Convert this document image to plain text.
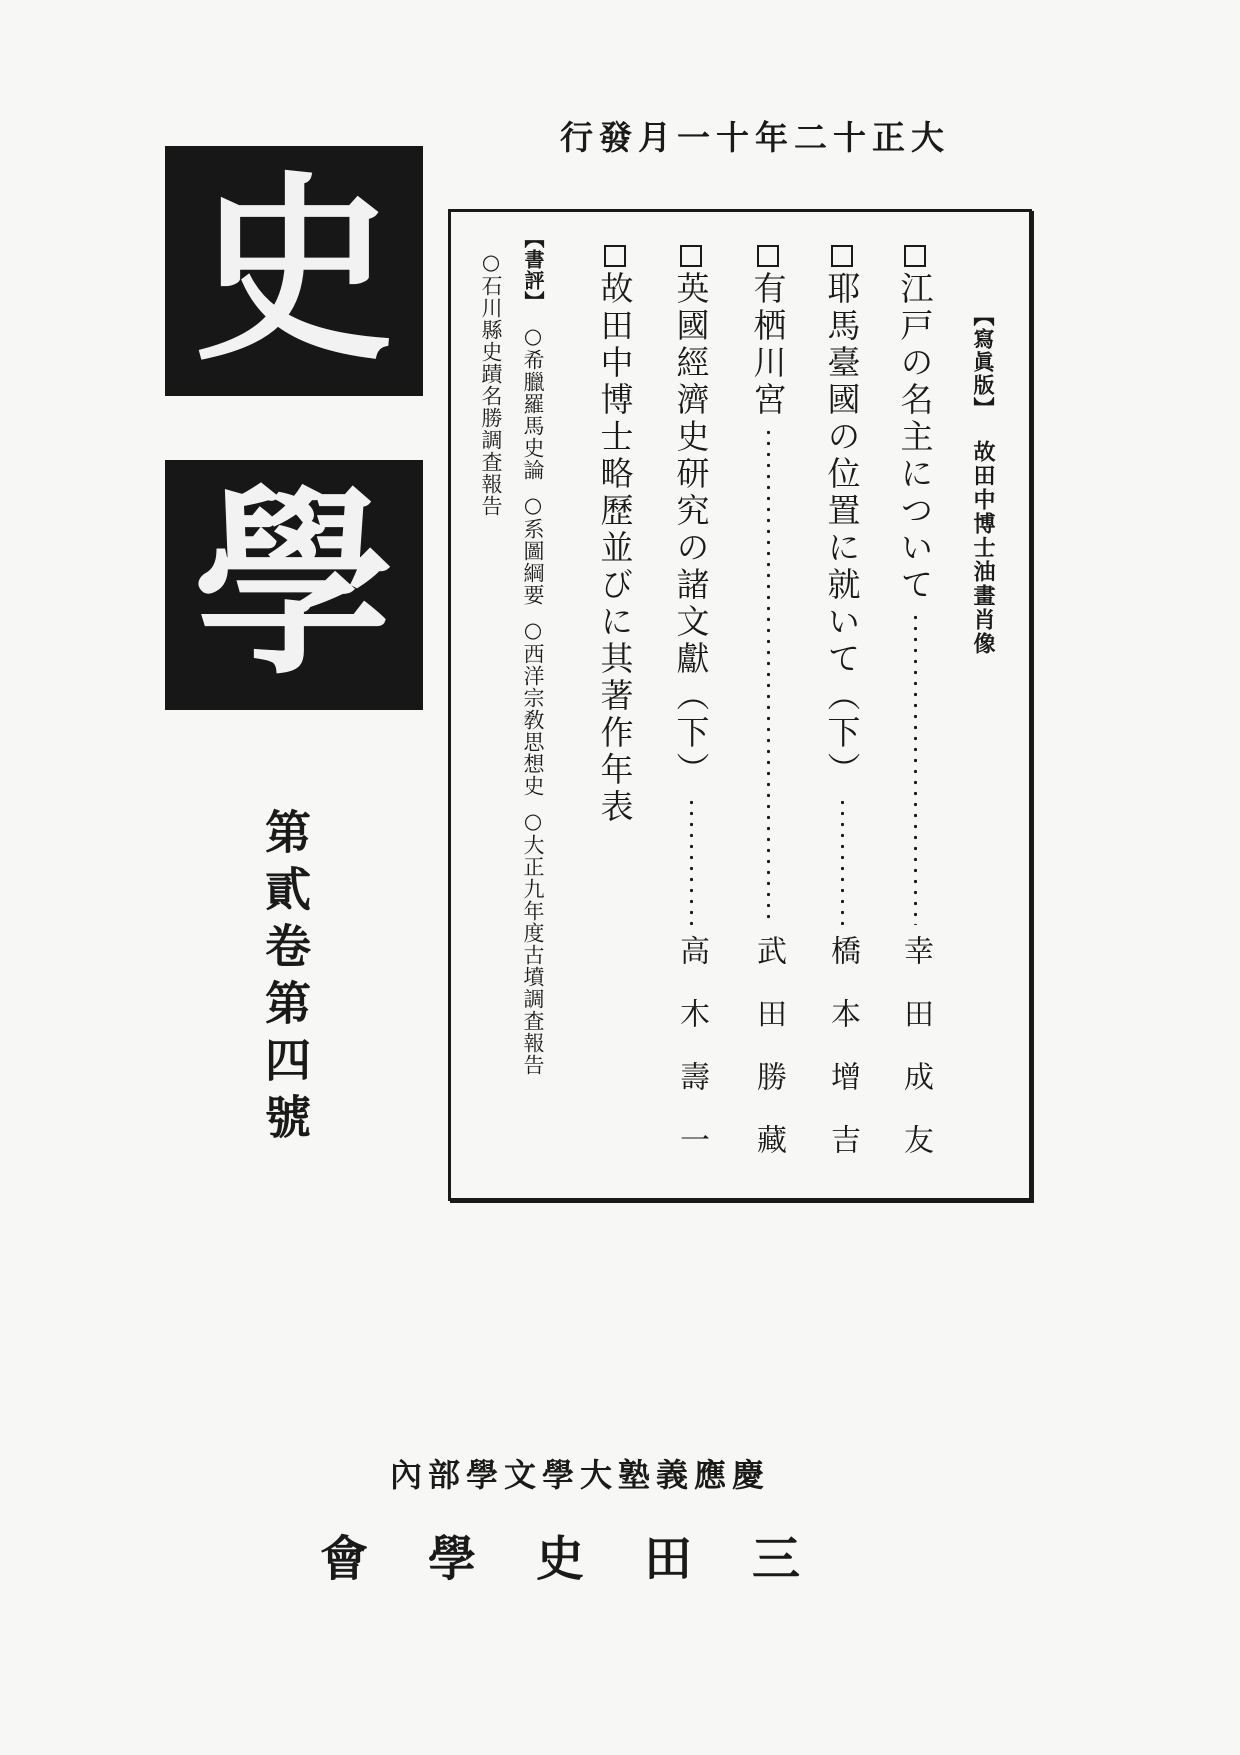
大正十二年十一月發行
史
學
第貳卷第四號
【寫眞版】故田中博士油畫肖像
江戸の名主について
幸田成友
耶馬臺國の位置に就いて（下）
橋本增吉
有栖川宮
武田勝藏
英國經濟史研究の諸文獻（下）
高木壽一
故田中博士略歷並びに其著作年表
【書評】○希臘羅馬史論○系圖綱要○西洋宗敎思想史○大正九年度古墳調査報告
○石川縣史蹟名勝調査報告
慶應義塾大學文學部內
三田史學會
